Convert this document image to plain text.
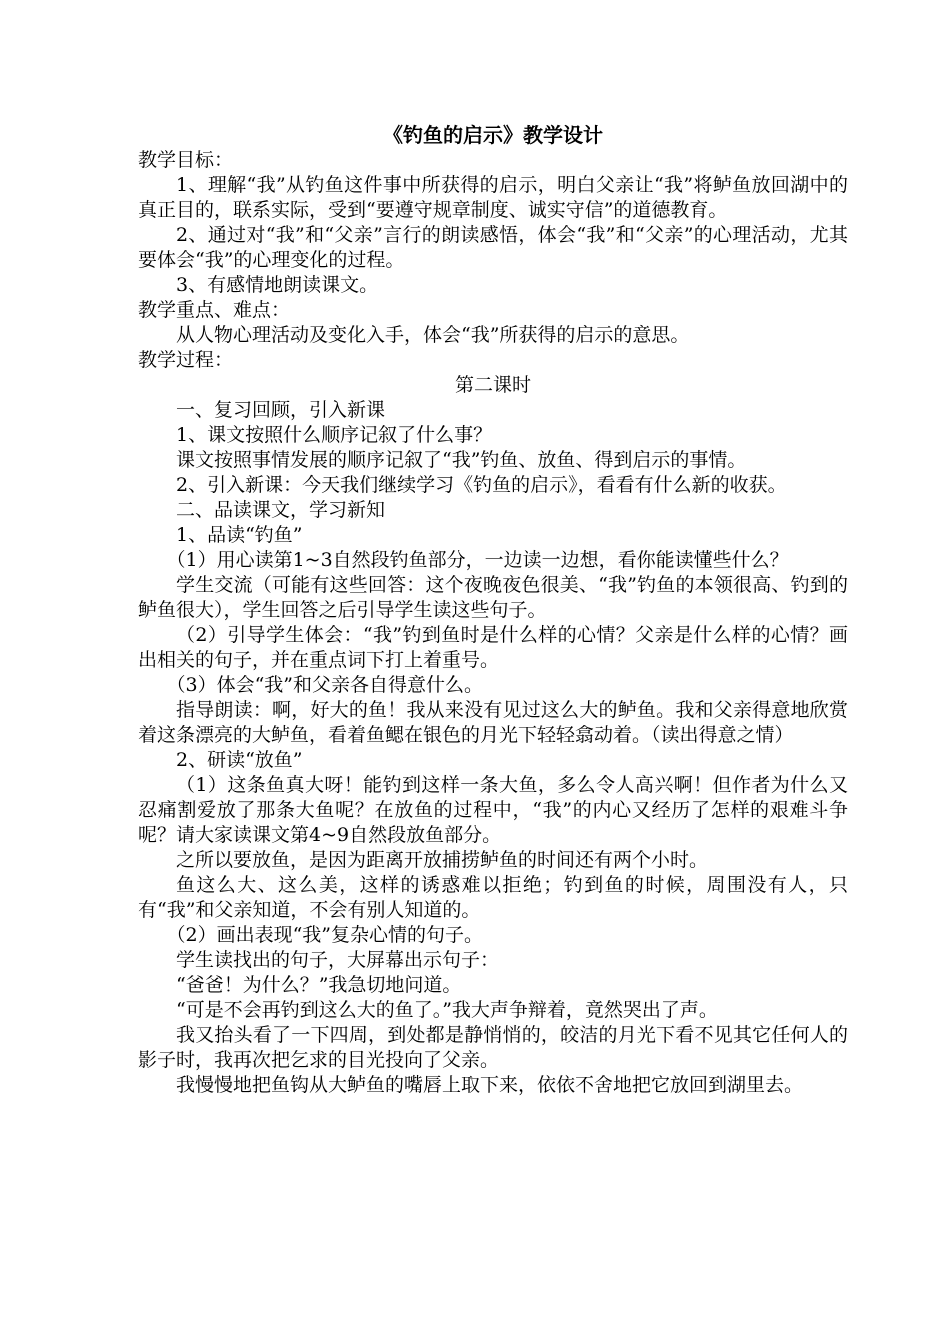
《钓鱼的启示》教学设计

教学目标：

1、理解“我”从钓鱼这件事中所获得的启示，明白父亲让“我”将鲈鱼放回湖中的真正目的，联系实际，受到“要遵守规章制度、诚实守信”的道德教育。

2、通过对“我”和“父亲”言行的朗读感悟，体会“我”和“父亲”的心理活动，尤其要体会“我”的心理变化的过程。

3、有感情地朗读课文。

教学重点、难点：

从人物心理活动及变化入手，体会“我”所获得的启示的意思。

教学过程：

第二课时

一、复习回顾，引入新课

1、课文按照什么顺序记叙了什么事？

课文按照事情发展的顺序记叙了“我”钓鱼、放鱼、得到启示的事情。

2、引入新课：今天我们继续学习《钓鱼的启示》，看看有什么新的收获。

二、品读课文，学习新知

1、品读“钓鱼”

（1）用心读第1~3自然段钓鱼部分，一边读一边想，看你能读懂些什么？

学生交流（可能有这些回答：这个夜晚夜色很美、“我”钓鱼的本领很高、钓到的鲈鱼很大），学生回答之后引导学生读这些句子。

（2）引导学生体会：“我”钓到鱼时是什么样的心情？父亲是什么样的心情？画出相关的句子，并在重点词下打上着重号。

（3）体会“我”和父亲各自得意什么。

指导朗读：啊，好大的鱼！我从来没有见过这么大的鲈鱼。我和父亲得意地欣赏着这条漂亮的大鲈鱼，看着鱼鳃在银色的月光下轻轻翕动着。（读出得意之情）

2、研读“放鱼”

（1）这条鱼真大呀！能钓到这样一条大鱼，多么令人高兴啊！但作者为什么又忍痛割爱放了那条大鱼呢？在放鱼的过程中，“我”的内心又经历了怎样的艰难斗争呢？请大家读课文第4~9自然段放鱼部分。

之所以要放鱼，是因为距离开放捕捞鲈鱼的时间还有两个小时。

鱼这么大、这么美，这样的诱惑难以拒绝；钓到鱼的时候，周围没有人，只有“我”和父亲知道，不会有别人知道的。

（2）画出表现“我”复杂心情的句子。

学生读找出的句子，大屏幕出示句子：

“爸爸！为什么？”我急切地问道。

“可是不会再钓到这么大的鱼了。”我大声争辩着，竟然哭出了声。

我又抬头看了一下四周，到处都是静悄悄的，皎洁的月光下看不见其它任何人的影子时，我再次把乞求的目光投向了父亲。

我慢慢地把鱼钩从大鲈鱼的嘴唇上取下来，依依不舍地把它放回到湖里去。
